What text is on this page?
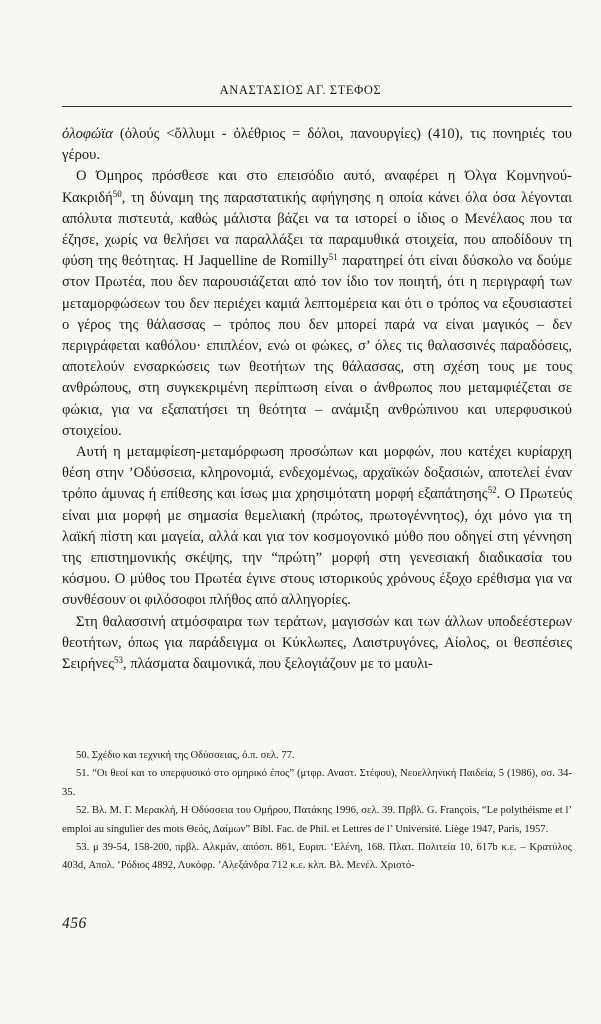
ΑΝΑΣΤΑΣΙΟΣ ΑΓ. ΣΤΕΦΟΣ

ὀλοφώϊα (ὀλούς <ὄλλυμι - ὀλέθριος = δόλοι, πανουργίες) (410), τις πονηριές του γέρου.

Ο Όμηρος πρόσθεσε και στο επεισόδιο αυτό, αναφέρει η Όλγα Κομνηνού-Κακριδή$^{50}$, τη δύναμη της παραστατικής αφήγησης η οποία κάνει όλα όσα λέγονται απόλυτα πιστευτά, καθώς μάλιστα βάζει να τα ιστορεί ο ίδιος ο Μενέλαος που τα έζησε, χωρίς να θελήσει να παραλλάξει τα παραμυθικά στοιχεία, που αποδίδουν τη φύση της θεότητας. Η Jaquelline de Romilly$^{51}$ παρατηρεί ότι είναι δύσκολο να δούμε στον Πρωτέα, που δεν παρουσιάζεται από τον ίδιο τον ποιητή, ότι η περιγραφή των μεταμορφώσεων του δεν περιέχει καμιά λεπτομέρεια και ότι ο τρόπος να εξουσιαστεί ο γέρος της θάλασσας – τρόπος που δεν μπορεί παρά να είναι μαγικός – δεν περιγράφεται καθόλου· επιπλέον, ενώ οι φώκες, σ’ όλες τις θαλασσινές παραδόσεις, αποτελούν ενσαρκώσεις των θεοτήτων της θάλασσας, στη σχέση τους με τους ανθρώπους, στη συγκεκριμένη περίπτωση είναι ο άνθρωπος που μεταμφιέζεται σε φώκια, για να εξαπατήσει τη θεότητα – ανάμιξη ανθρώπινου και υπερφυσικού στοιχείου.

Αυτή η μεταμφίεση-μεταμόρφωση προσώπων και μορφών, που κατέχει κυρίαρχη θέση στην ’Οδύσσεια, κληρονομιά, ενδεχομένως, αρχαϊκών δοξασιών, αποτελεί έναν τρόπο άμυνας ή επίθεσης και ίσως μια χρησιμότατη μορφή εξαπάτησης$^{52}$. Ο Πρωτεύς είναι μια μορφή με σημασία θεμελιακή (πρώτος, πρωτογέννητος), όχι μόνο για τη λαϊκή πίστη και μαγεία, αλλά και για τον κοσμογονικό μύθο που οδηγεί στη γέννηση της επιστημονικής σκέψης, την “πρώτη” μορφή στη γενεσιακή διαδικασία του κόσμου. Ο μύθος του Πρωτέα έγινε στους ιστορικούς χρόνους έξοχο ερέθισμα για να συνθέσουν οι φιλόσοφοι πλήθος από αλληγορίες.

Στη θαλασσινή ατμόσφαιρα των τεράτων, μαγισσών και των άλλων υποδεέστερων θεοτήτων, όπως για παράδειγμα οι Κύκλωπες, Λαιστρυγόνες, Αίολος, οι θεσπέσιες Σειρήνες$^{53}$, πλάσματα δαιμονικά, που ξελογιάζουν με το μαυλι-

50. Σχέδιο και τεχνική της Οδύσσειας, ό.π. σελ. 77.

51. “Οι θεοί και το υπερφυσικό στο ομηρικό έπος” (μτφρ. Αναστ. Στέφου), Νεοελληνική Παιδεία, 5 (1986), σσ. 34-35.

52. Βλ. Μ. Γ. Μερακλή, Η Οδύσσεια του Ομήρου, Πατάκης 1996, σελ. 39. Πρβλ. G. François, “Le polythéisme et l’ emploi au singulier des mots Θεός, Δαίμων” Bibl. Fac. de Phil. et Lettres de l’ Université. Liège 1947, Paris, 1957.

53. μ 39-54, 158-200, πρβλ. Αλκμάν, απόσπ. 861, Ευριπ. ‘Ελένη, 168. Πλατ. Πολιτεία 10, 617b κ.ε. – Κρατύλος 403d, Απολ. ‘Ρόδιος 4892, Λυκόφρ. ’Αλεξάνδρα 712 κ.ε. κλπ. Βλ. Μενέλ. Χριστό-

456
